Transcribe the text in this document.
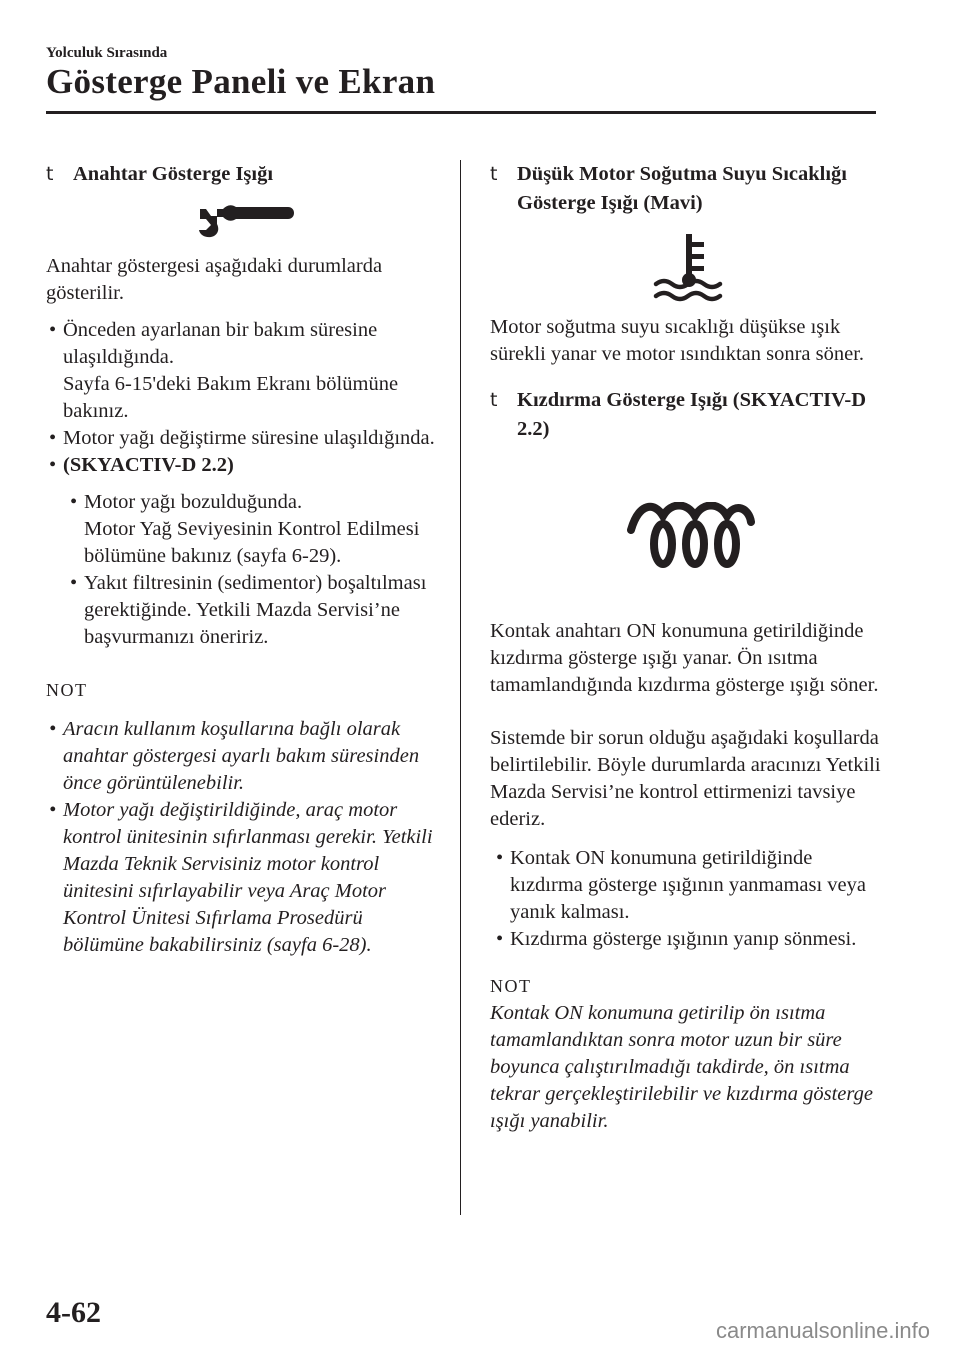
Yolculuk Sırasında
Gösterge Paneli ve Ekran
t Anahtar Gösterge Işığı

Anahtar göstergesi aşağıdaki durumlarda gösterilir.

• Önceden ayarlanan bir bakım süresine ulaşıldığında.
Sayfa 6-15'deki Bakım Ekranı bölümüne bakınız.
• Motor yağı değiştirme süresine ulaşıldığında.
• (SKYACTIV-D 2.2)
• Motor yağı bozulduğunda.
Motor Yağ Seviyesinin Kontrol Edilmesi bölümüne bakınız (sayfa 6-29).
• Yakıt filtresinin (sedimentor) boşaltılması gerektiğinde. Yetkili Mazda Servisi’ne başvurmanızı öneririz.
NOT
• Aracın kullanım koşullarına bağlı olarak anahtar göstergesi ayarlı bakım süresinden önce görüntülenebilir.
• Motor yağı değiştirildiğinde, araç motor kontrol ünitesinin sıfırlanması gerekir. Yetkili Mazda Teknik Servisiniz motor kontrol ünitesini sıfırlayabilir veya Araç Motor Kontrol Ünitesi Sıfırlama Prosedürü bölümüne bakabilirsiniz (sayfa 6-28).
t Düşük Motor Soğutma Suyu Sıcaklığı Gösterge Işığı (Mavi)

Motor soğutma suyu sıcaklığı düşükse ışık sürekli yanar ve motor ısındıktan sonra söner.

t Kızdırma Gösterge Işığı (SKYACTIV-D 2.2)

Kontak anahtarı ON konumuna getirildiğinde kızdırma gösterge ışığı yanar. Ön ısıtma tamamlandığında kızdırma gösterge ışığı söner.

Sistemde bir sorun olduğu aşağıdaki koşullarda belirtilebilir. Böyle durumlarda aracınızı Yetkili Mazda Servisi’ne kontrol ettirmenizi tavsiye ederiz.

• Kontak ON konumuna getirildiğinde kızdırma gösterge ışığının yanmaması veya yanık kalması.
• Kızdırma gösterge ışığının yanıp sönmesi.
NOT

Kontak ON konumuna getirilip ön ısıtma tamamlandıktan sonra motor uzun bir süre boyunca çalıştırılmadığı takdirde, ön ısıtma tekrar gerçekleştirilebilir ve kızdırma gösterge ışığı yanabilir.

4-62
carmanualsonline.info
